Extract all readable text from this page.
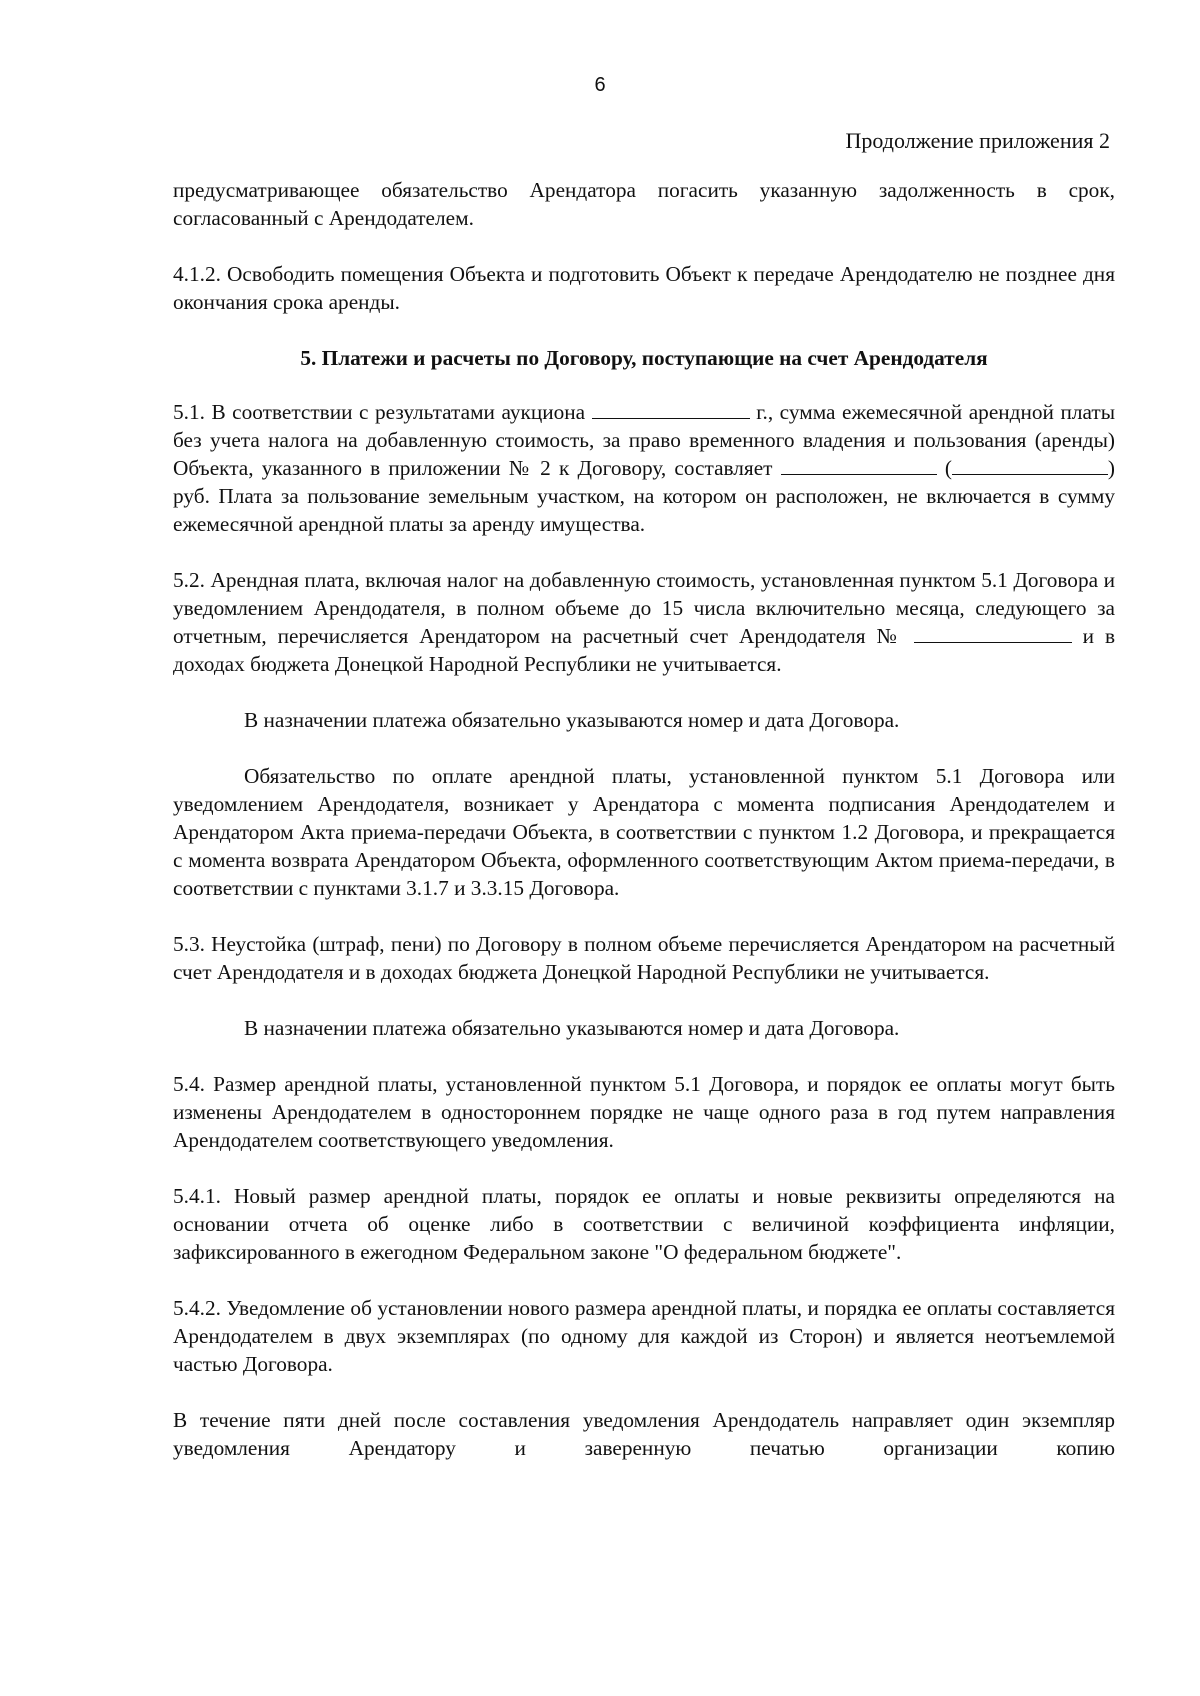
6
Продолжение приложения 2

предусматривающее обязательство Арендатора погасить указанную задолженность в срок, согласованный с Арендодателем.

4.1.2. Освободить помещения Объекта и подготовить Объект к передаче Арендодателю не позднее дня окончания срока аренды.

5. Платежи и расчеты по Договору, поступающие на счет Арендодателя

5.1. В соответствии с результатами аукциона	г., сумма ежемесячной арендной платы без учета налога на добавленную стоимость, за право временного владения и пользования (аренды) Объекта, указанного в приложении № 2 к Договору, составляет	(	) руб. Плата за пользование земельным участком, на котором он расположен, не включается в сумму ежемесячной арендной платы за аренду имущества.

5.2. Арендная плата, включая налог на добавленную стоимость, установленная пунктом 5.1 Договора и уведомлением Арендодателя, в полном объеме до 15 числа включительно месяца, следующего за отчетным, перечисляется Арендатором на расчетный счет Арендодателя №	и в доходах бюджета Донецкой Народной Республики не учитывается.

В назначении платежа обязательно указываются номер и дата Договора.

Обязательство по оплате арендной платы, установленной пунктом 5.1 Договора или уведомлением Арендодателя, возникает у Арендатора с момента подписания Арендодателем и Арендатором Акта приема-передачи Объекта, в соответствии с пунктом 1.2 Договора, и прекращается с момента возврата Арендатором Объекта, оформленного соответствующим Актом приема-передачи, в соответствии с пунктами 3.1.7 и 3.3.15 Договора.

5.3. Неустойка (штраф, пени) по Договору в полном объеме перечисляется Арендатором на расчетный счет Арендодателя и в доходах бюджета Донецкой Народной Республики не учитывается.

В назначении платежа обязательно указываются номер и дата Договора.

5.4. Размер арендной платы, установленной пунктом 5.1 Договора, и порядок ее оплаты могут быть изменены Арендодателем в одностороннем порядке не чаще одного раза в год путем направления Арендодателем соответствующего уведомления.

5.4.1. Новый размер арендной платы, порядок ее оплаты и новые реквизиты определяются на основании отчета об оценке либо в соответствии с величиной коэффициента инфляции, зафиксированного в ежегодном Федеральном законе "О федеральном бюджете".

5.4.2. Уведомление об установлении нового размера арендной платы, и порядка ее оплаты составляется Арендодателем в двух экземплярах (по одному для каждой из Сторон) и является неотъемлемой частью Договора.

В течение пяти дней после составления уведомления Арендодатель направляет один экземпляр уведомления Арендатору и заверенную печатью организации копию
